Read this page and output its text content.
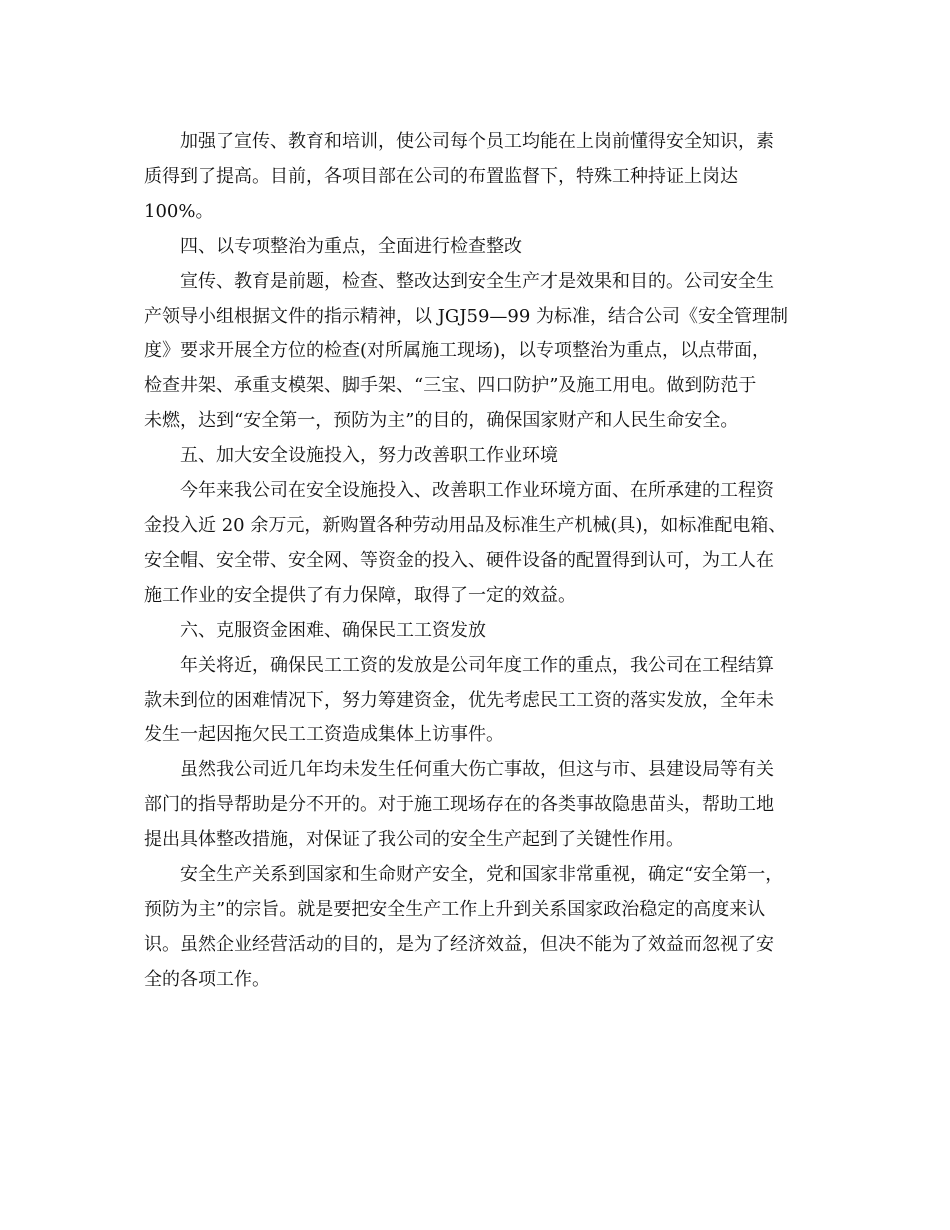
加强了宣传、教育和培训，使公司每个员工均能在上岗前懂得安全知识，素
质得到了提高。目前，各项目部在公司的布置监督下，特殊工种持证上岗达
100%。
四、以专项整治为重点，全面进行检查整改
宣传、教育是前题，检查、整改达到安全生产才是效果和目的。公司安全生
产领导小组根据文件的指示精神，以 JGJ59—99 为标准，结合公司《安全管理制
度》要求开展全方位的检查(对所属施工现场)，以专项整治为重点，以点带面，
检查井架、承重支模架、脚手架、“三宝、四口防护”及施工用电。做到防范于
未燃，达到“安全第一，预防为主”的目的，确保国家财产和人民生命安全。
五、加大安全设施投入，努力改善职工作业环境
今年来我公司在安全设施投入、改善职工作业环境方面、在所承建的工程资
金投入近 20 余万元，新购置各种劳动用品及标准生产机械(具)，如标准配电箱、
安全帽、安全带、安全网、等资金的投入、硬件设备的配置得到认可，为工人在
施工作业的安全提供了有力保障，取得了一定的效益。
六、克服资金困难、确保民工工资发放
年关将近，确保民工工资的发放是公司年度工作的重点，我公司在工程结算
款未到位的困难情况下，努力筹建资金，优先考虑民工工资的落实发放，全年未
发生一起因拖欠民工工资造成集体上访事件。
虽然我公司近几年均未发生任何重大伤亡事故，但这与市、县建设局等有关
部门的指导帮助是分不开的。对于施工现场存在的各类事故隐患苗头，帮助工地
提出具体整改措施，对保证了我公司的安全生产起到了关键性作用。
安全生产关系到国家和生命财产安全，党和国家非常重视，确定“安全第一，
预防为主”的宗旨。就是要把安全生产工作上升到关系国家政治稳定的高度来认
识。虽然企业经营活动的目的，是为了经济效益，但决不能为了效益而忽视了安
全的各项工作。
